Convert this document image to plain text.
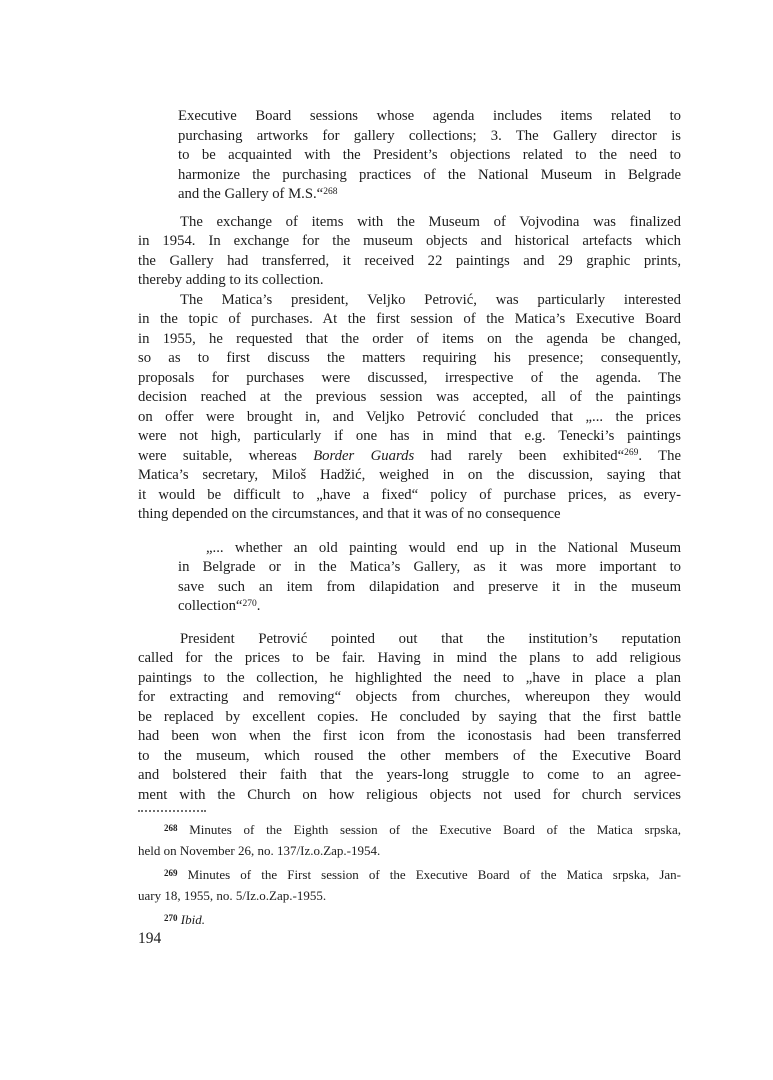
Executive Board sessions whose agenda includes items related to
purchasing artworks for gallery collections; 3. The Gallery director is
to be acquainted with the President’s objections related to the need to
harmonize the purchasing practices of the National Museum in Belgrade
and the Gallery of M.S.“$^{268}$
The exchange of items with the Museum of Vojvodina was finalized
in 1954. In exchange for the museum objects and historical artefacts which
the Gallery had transferred, it received 22 paintings and 29 graphic prints,
thereby adding to its collection.
The Matica’s president, Veljko Petrović, was particularly interested
in the topic of purchases. At the first session of the Matica’s Executive Board
in 1955, he requested that the order of items on the agenda be changed,
so as to first discuss the matters requiring his presence; consequently,
proposals for purchases were discussed, irrespective of the agenda. The
decision reached at the previous session was accepted, all of the paintings
on offer were brought in, and Veljko Petrović concluded that „... the prices
were not high, particularly if one has in mind that e.g. Tenecki’s paintings
were suitable, whereas Border Guards had rarely been exhibited“$^{269}$. The
Matica’s secretary, Miloš Hadžić, weighed in on the discussion, saying that
it would be difficult to „have a fixed“ policy of purchase prices, as every-
thing depended on the circumstances, and that it was of no consequence
„... whether an old painting would end up in the National Museum
in Belgrade or in the Matica’s Gallery, as it was more important to
save such an item from dilapidation and preserve it in the museum
collection“$^{270}$.
President Petrović pointed out that the institution’s reputation
called for the prices to be fair. Having in mind the plans to add religious
paintings to the collection, he highlighted the need to „have in place a plan
for extracting and removing“ objects from churches, whereupon they would
be replaced by excellent copies. He concluded by saying that the first battle
had been won when the first icon from the iconostasis had been transferred
to the museum, which roused the other members of the Executive Board
and bolstered their faith that the years-long struggle to come to an agree-
ment with the Church on how religious objects not used for church services
$^{268}$ Minutes of the Eighth session of the Executive Board of the Matica srpska,
held on November 26, no. 137/Iz.o.Zap.-1954.
$^{269}$ Minutes of the First session of the Executive Board of the Matica srpska, Jan-
uary 18, 1955, no. 5/Iz.o.Zap.-1955.
$^{270}$ Ibid.
194
